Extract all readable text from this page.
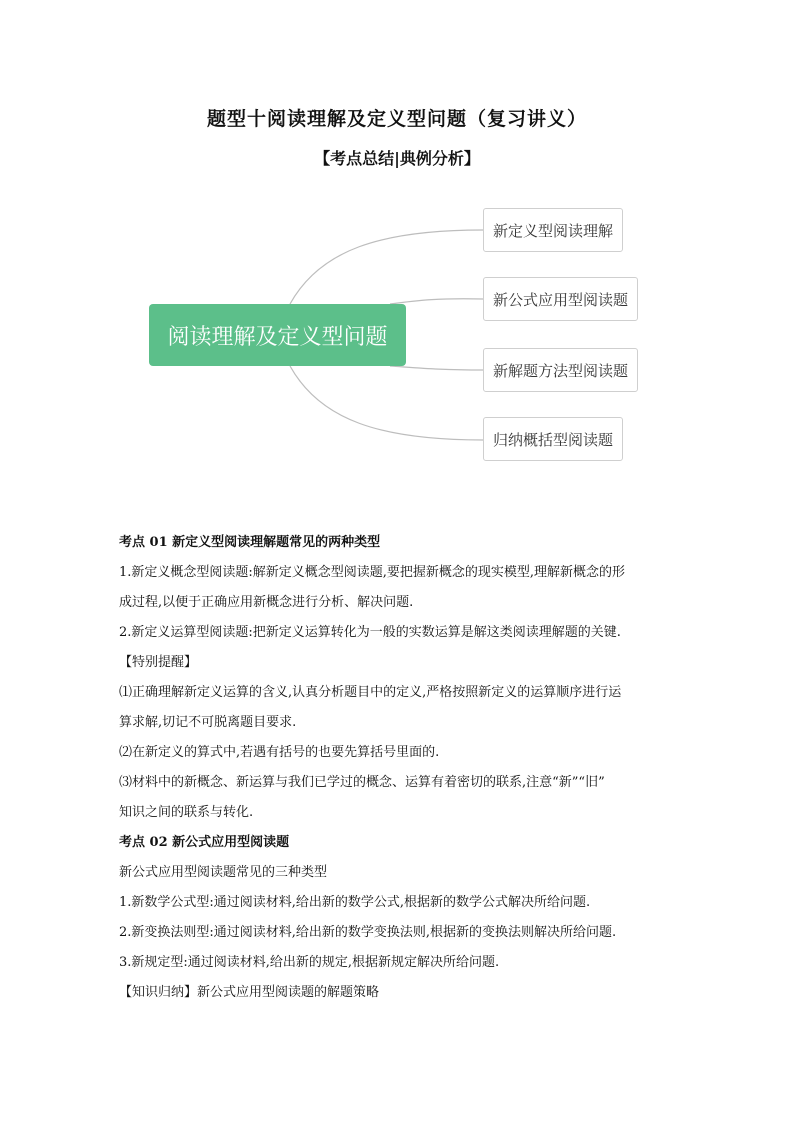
题型十阅读理解及定义型问题（复习讲义）
【考点总结|典例分析】
阅读理解及定义型问题
新定义型阅读理解
新公式应用型阅读题
新解题方法型阅读题
归纳概括型阅读题

考点 01 新定义型阅读理解题常见的两种类型

1.新定义概念型阅读题:解新定义概念型阅读题,要把握新概念的现实模型,理解新概念的形

成过程,以便于正确应用新概念进行分析、解决问题.

2.新定义运算型阅读题:把新定义运算转化为一般的实数运算是解这类阅读理解题的关键.

【特别提醒】

⑴正确理解新定义运算的含义,认真分析题目中的定义,严格按照新定义的运算顺序进行运

算求解,切记不可脱离题目要求.

⑵在新定义的算式中,若遇有括号的也要先算括号里面的.

⑶材料中的新概念、新运算与我们已学过的概念、运算有着密切的联系,注意“新”“旧”

知识之间的联系与转化.

考点 02 新公式应用型阅读题

新公式应用型阅读题常见的三种类型

1.新数学公式型:通过阅读材料,给出新的数学公式,根据新的数学公式解决所给问题.

2.新变换法则型:通过阅读材料,给出新的数学变换法则,根据新的变换法则解决所给问题.

3.新规定型:通过阅读材料,给出新的规定,根据新规定解决所给问题.

【知识归纳】新公式应用型阅读题的解题策略
